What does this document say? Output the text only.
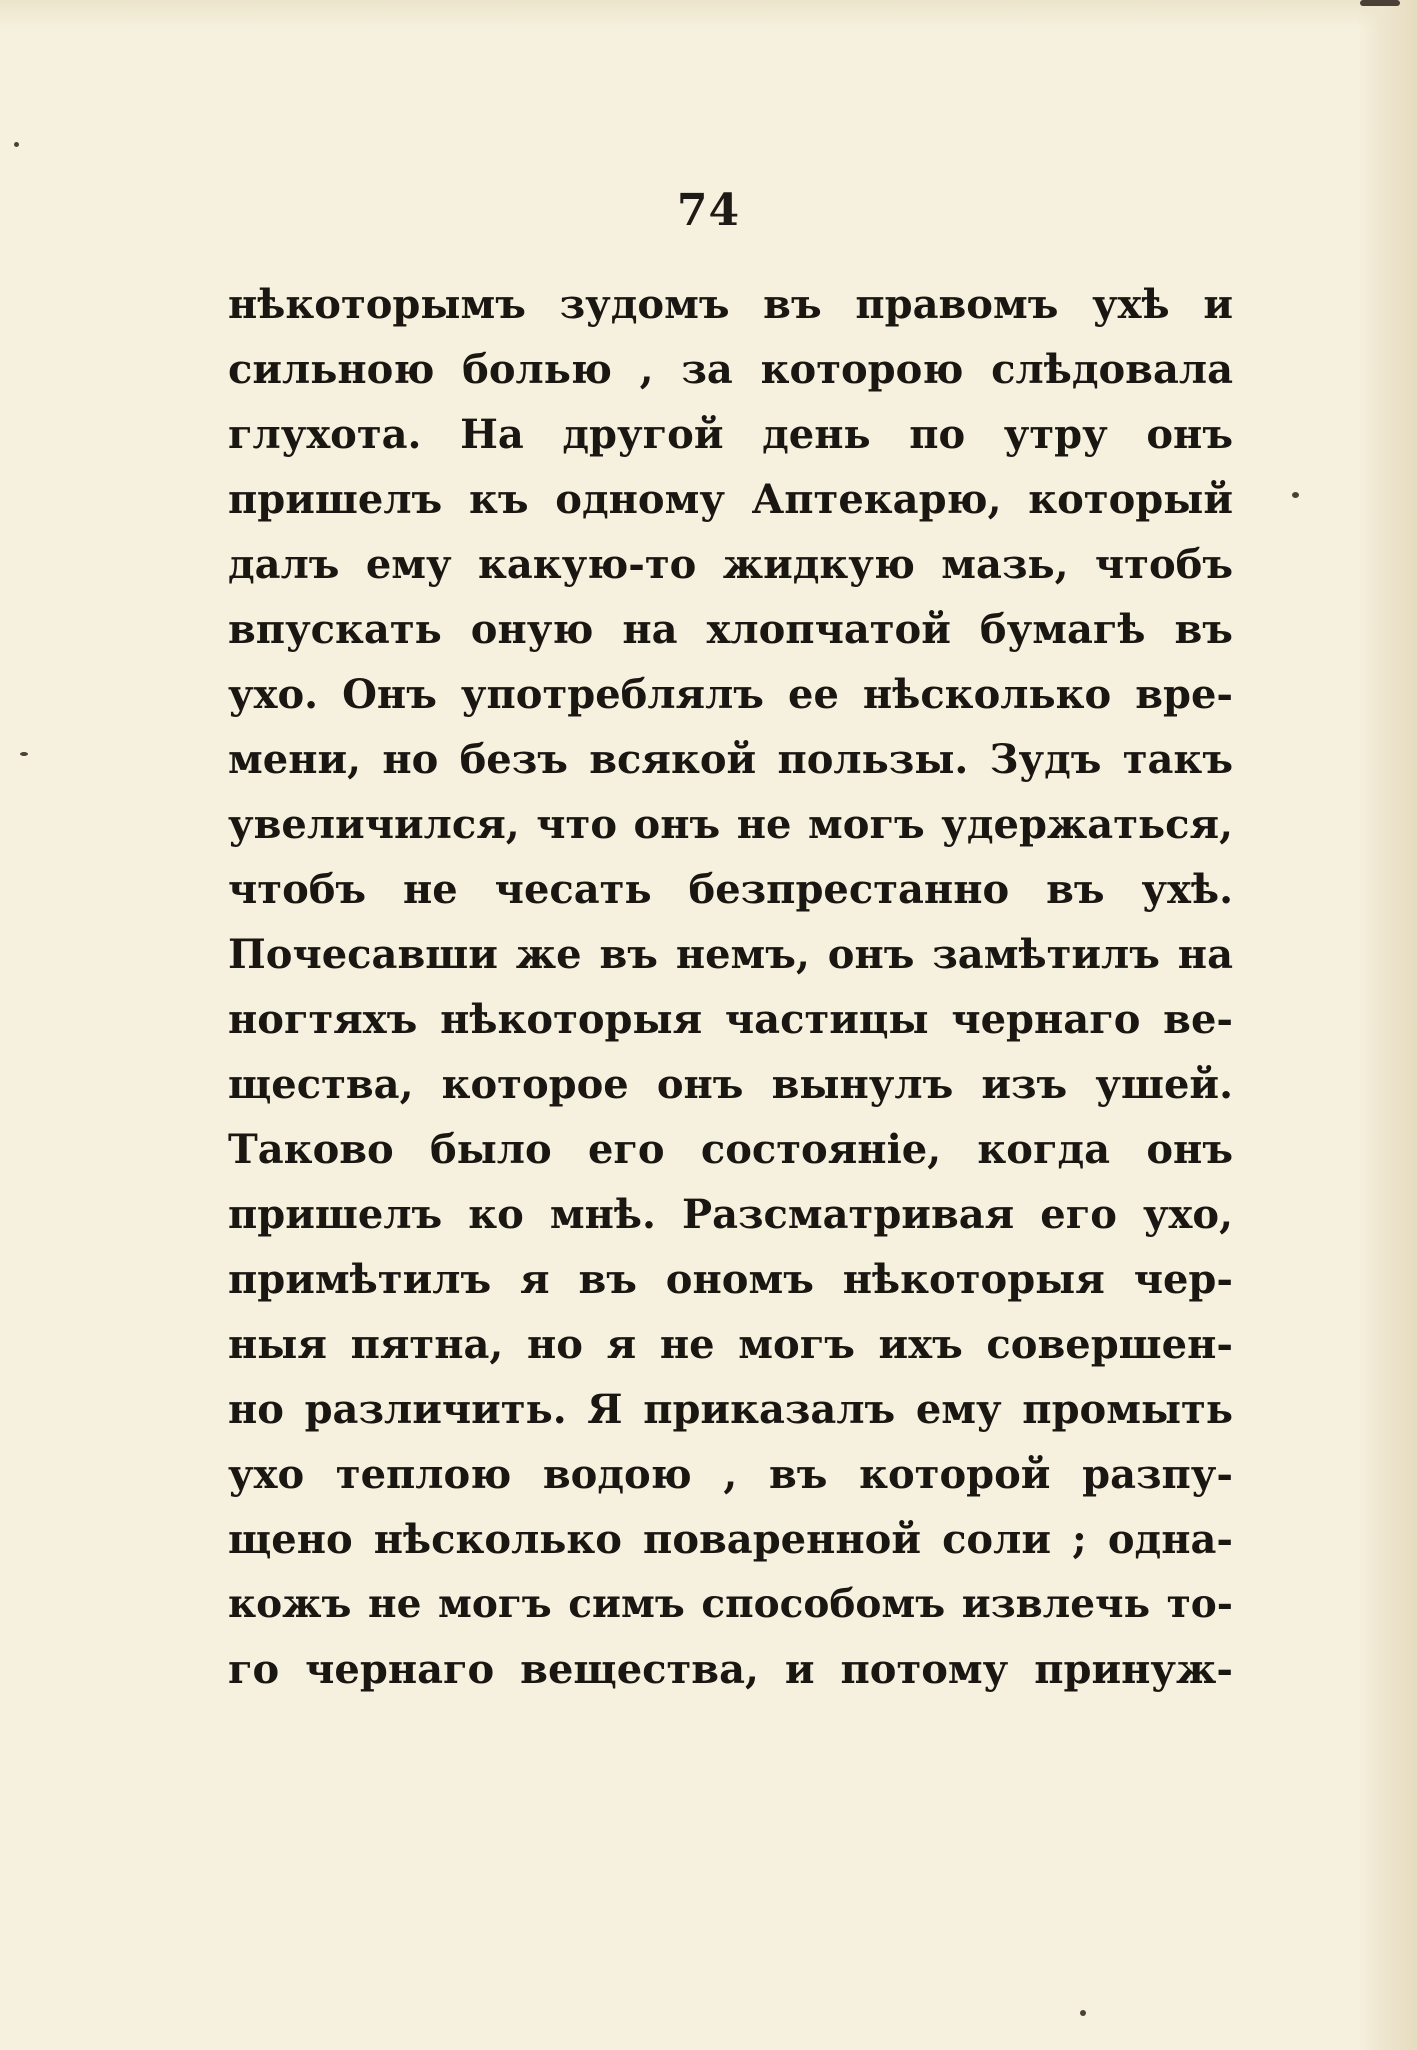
74
нѣкоторымъ зудомъ въ правомъ ухѣ и
сильною болью , за которою слѣдовала
глухота. На другой день по утру онъ
пришелъ къ одному Аптекарю, который
далъ ему какую-то жидкую мазь, чтобъ
впускать оную на хлопчатой бумагѣ въ
ухо. Онъ употреблялъ ее нѣсколько вре-
мени, но безъ всякой пользы. Зудъ такъ
увеличился, что онъ не могъ удержаться,
чтобъ не чесать безпрестанно въ ухѣ.
Почесавши же въ немъ, онъ замѣтилъ на
ногтяхъ нѣкоторыя частицы чернаго ве-
щества, которое онъ вынулъ изъ ушей.
Таково было его состоянie, когда онъ
пришелъ ко мнѣ. Разсматривая его ухо,
примѣтилъ я въ ономъ нѣкоторыя чер-
ныя пятна, но я не могъ ихъ совершен-
но различить. Я приказалъ ему промыть
ухо теплою водою , въ которой разпу-
щено нѣсколько поваренной соли ; одна-
кожъ не могъ симъ способомъ извлечь то-
го чернаго вещества, и потому принуж-
